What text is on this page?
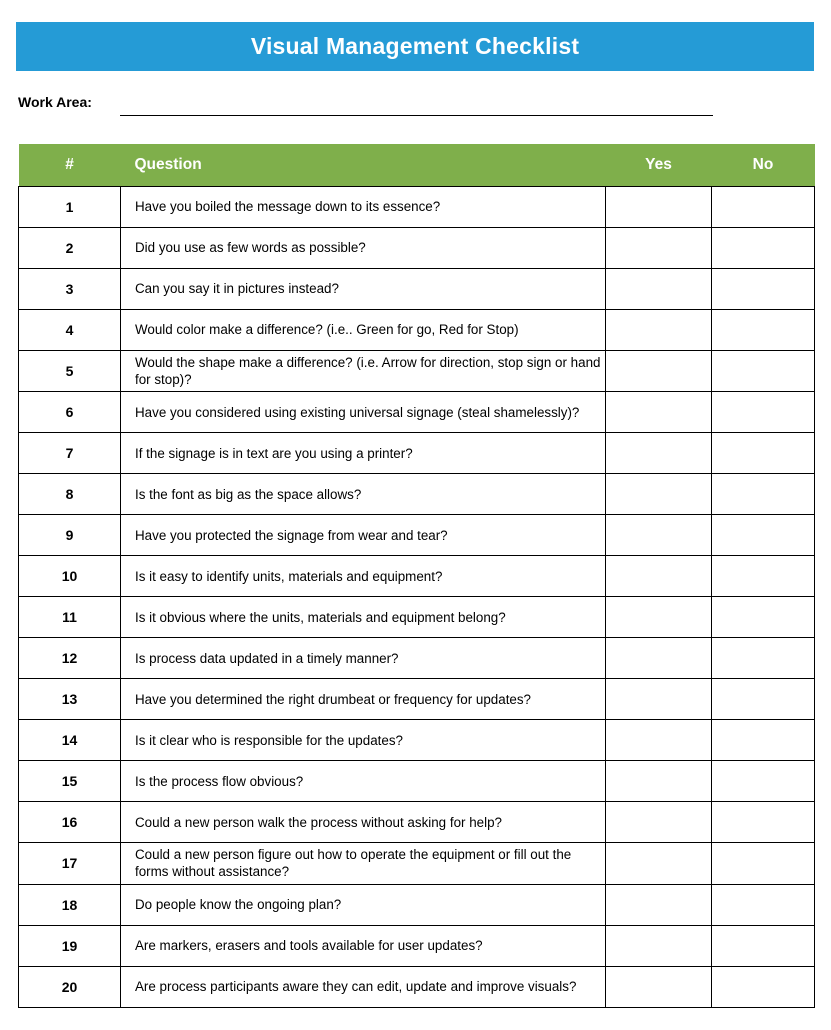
Visual Management Checklist
Work Area:
#	Question	Yes	No
1	Have you boiled the message down to its essence?		
2	Did you use as few words as possible?		
3	Can you say it in pictures instead?		
4	Would color make a difference? (i.e.. Green for go, Red for Stop)		
5	Would the shape make a difference? (i.e. Arrow for direction, stop sign or hand for stop)?		
6	Have you considered using existing universal signage (steal shamelessly)?		
7	If the signage is in text are you using a printer?		
8	Is the font as big as the space allows?		
9	Have you protected the signage from wear and tear?		
10	Is it easy to identify units, materials and equipment?		
11	Is it obvious where the units, materials and equipment belong?		
12	Is process data updated in a timely manner?		
13	Have you determined the right drumbeat or frequency for updates?		
14	Is it clear who is responsible for the updates?		
15	Is the process flow obvious?		
16	Could a new person walk the process without asking for help?		
17	Could a new person figure out how to operate the equipment or fill out the forms without assistance?		
18	Do people know the ongoing plan?		
19	Are markers, erasers and tools available for user updates?		
20	Are process participants aware they can edit, update and improve visuals?		
